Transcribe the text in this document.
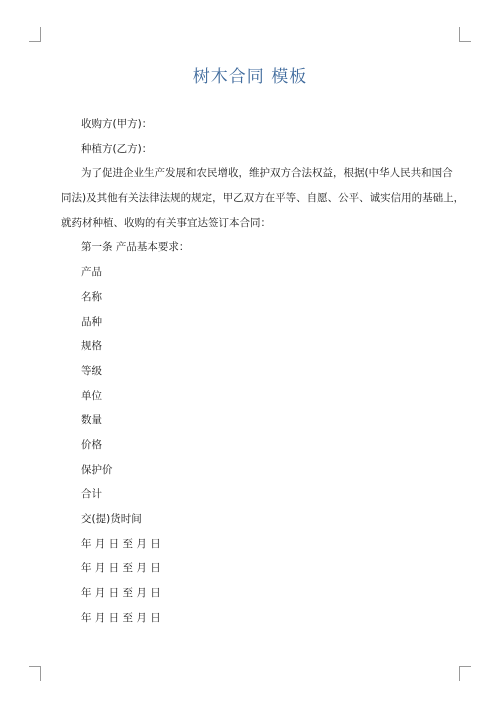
树木合同 模板
收购方(甲方)：
种植方(乙方)：
为了促进企业生产发展和农民增收，维护双方合法权益，根据(中华人民共和国合
同法)及其他有关法律法规的规定，甲乙双方在平等、自愿、公平、诚实信用的基础上，
就药材种植、收购的有关事宜达签订本合同：
第一条 产品基本要求：
产品
名称
品种
规格
等级
单位
数量
价格
保护价
合计
交(提)货时间
年 月 日 至 月 日
年 月 日 至 月 日
年 月 日 至 月 日
年 月 日 至 月 日
